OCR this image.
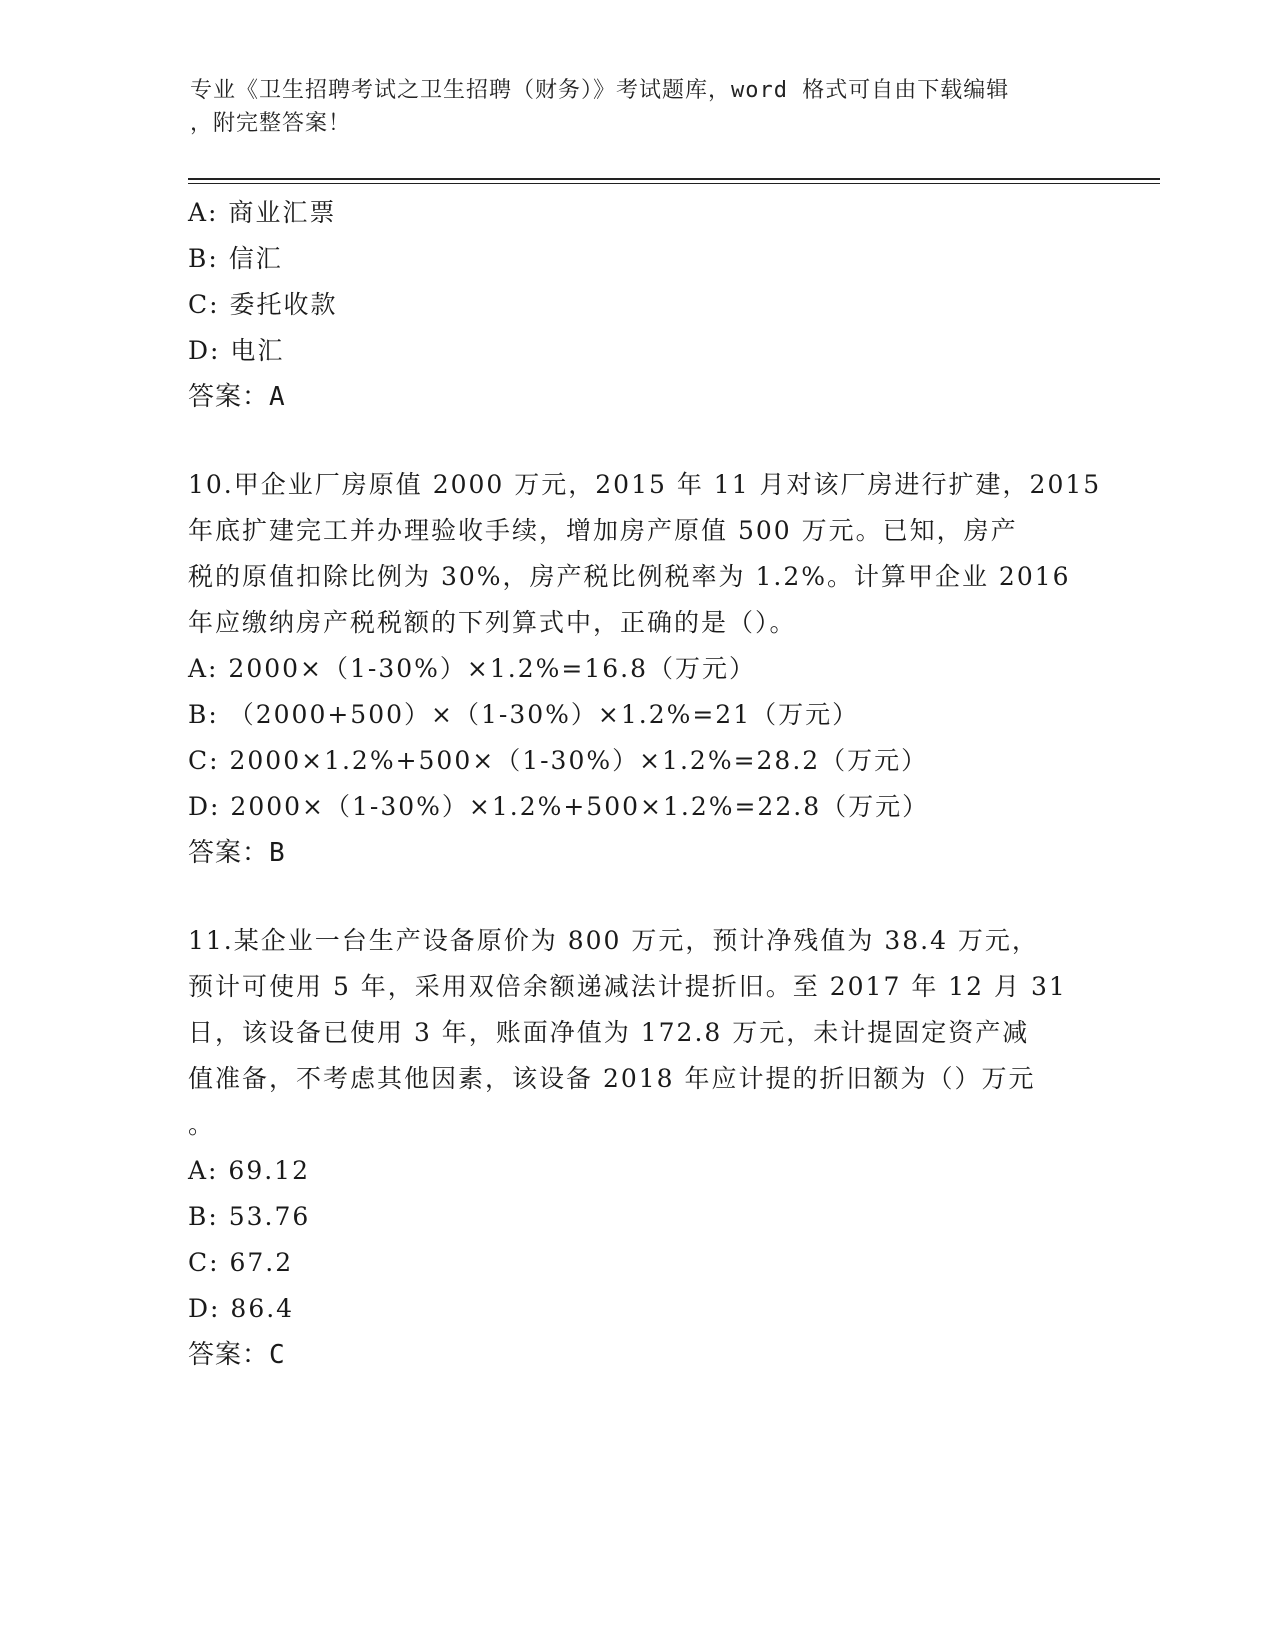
专业《卫生招聘考试之卫生招聘（财务）》考试题库，word 格式可自由下载编辑
，附完整答案！
A: 商业汇票
B: 信汇
C: 委托收款
D: 电汇
答案：A
10.甲企业厂房原值 2000 万元，2015 年 11 月对该厂房进行扩建，2015
年底扩建完工并办理验收手续，增加房产原值 500 万元。已知，房产
税的原值扣除比例为 30%，房产税比例税率为 1.2%。计算甲企业 2016
年应缴纳房产税税额的下列算式中，正确的是（）。
A: 2000×（1-30%）×1.2%=16.8（万元）
B: （2000+500）×（1-30%）×1.2%=21（万元）
C: 2000×1.2%+500×（1-30%）×1.2%=28.2（万元）
D: 2000×（1-30%）×1.2%+500×1.2%=22.8（万元）
答案：B
11.某企业一台生产设备原价为 800 万元，预计净残值为 38.4 万元，
预计可使用 5 年，采用双倍余额递减法计提折旧。至 2017 年 12 月 31
日，该设备已使用 3 年，账面净值为 172.8 万元，未计提固定资产减
值准备，不考虑其他因素，该设备 2018 年应计提的折旧额为（）万元
。
A: 69.12
B: 53.76
C: 67.2
D: 86.4
答案：C
